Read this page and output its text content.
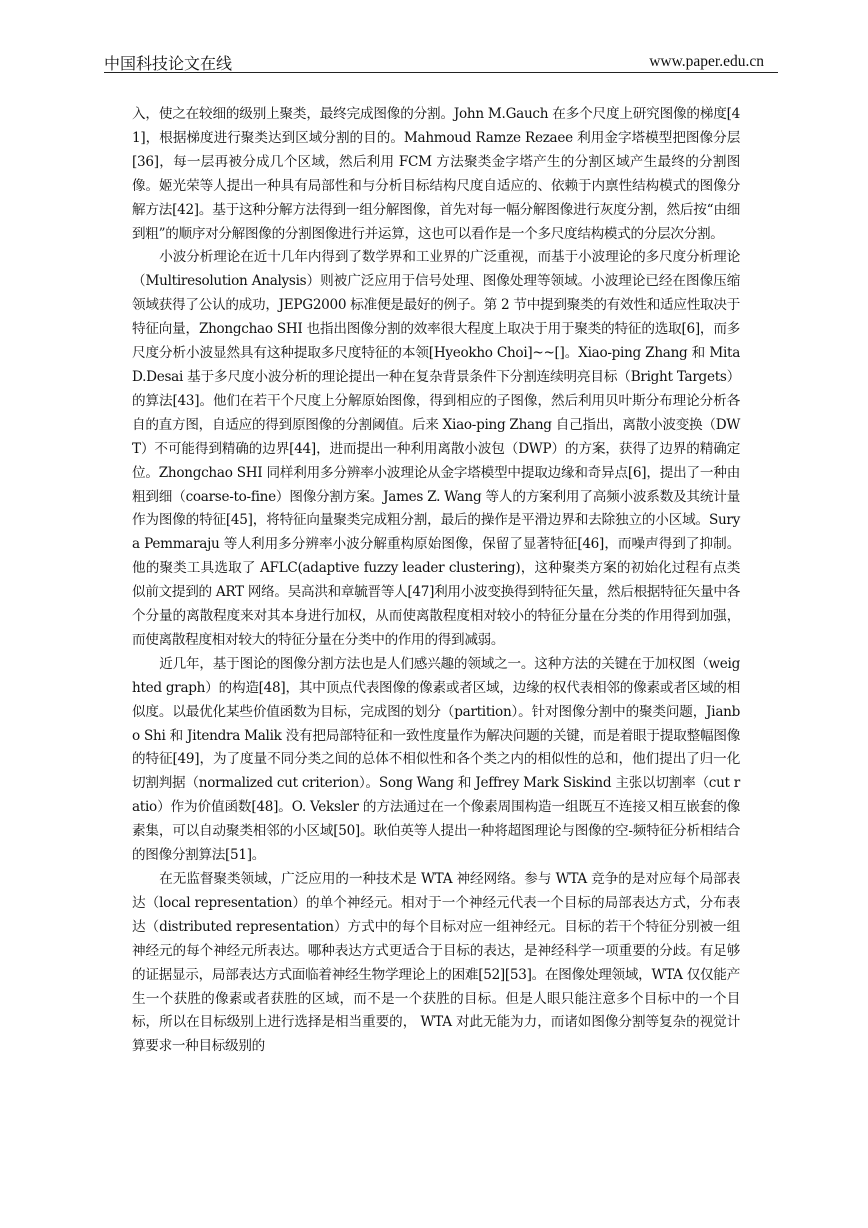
中国科技论文在线	www.paper.edu.cn

入，使之在较细的级别上聚类，最终完成图像的分割。John M.Gauch 在多个尺度上研究图像的梯度[41]，根据梯度进行聚类达到区域分割的目的。Mahmoud Ramze Rezaee 利用金字塔模型把图像分层[36]，每一层再被分成几个区域，然后利用 FCM 方法聚类金字塔产生的分割区域产生最终的分割图像。姬光荣等人提出一种具有局部性和与分析目标结构尺度自适应的、依赖于内禀性结构模式的图像分解方法[42]。基于这种分解方法得到一组分解图像，首先对每一幅分解图像进行灰度分割，然后按“由细到粗”的顺序对分解图像的分割图像进行并运算，这也可以看作是一个多尺度结构模式的分层次分割。

小波分析理论在近十几年内得到了数学界和工业界的广泛重视，而基于小波理论的多尺度分析理论（Multiresolution Analysis）则被广泛应用于信号处理、图像处理等领域。小波理论已经在图像压缩领域获得了公认的成功，JEPG2000 标准便是最好的例子。第 2 节中提到聚类的有效性和适应性取决于特征向量，Zhongchao SHI 也指出图像分割的效率很大程度上取决于用于聚类的特征的选取[6]，而多尺度分析小波显然具有这种提取多尺度特征的本领[Hyeokho Choi]~~[]。Xiao-ping Zhang 和 Mita D.Desai 基于多尺度小波分析的理论提出一种在复杂背景条件下分割连续明亮目标（Bright Targets）的算法[43]。他们在若干个尺度上分解原始图像，得到相应的子图像，然后利用贝叶斯分布理论分析各自的直方图，自适应的得到原图像的分割阈值。后来 Xiao-ping Zhang 自己指出，离散小波变换（DWT）不可能得到精确的边界[44]，进而提出一种利用离散小波包（DWP）的方案，获得了边界的精确定位。Zhongchao SHI 同样利用多分辨率小波理论从金字塔模型中提取边缘和奇异点[6]，提出了一种由粗到细（coarse-to-fine）图像分割方案。James Z. Wang 等人的方案利用了高频小波系数及其统计量作为图像的特征[45]，将特征向量聚类完成粗分割，最后的操作是平滑边界和去除独立的小区域。Surya Pemmaraju 等人利用多分辨率小波分解重构原始图像，保留了显著特征[46]，而噪声得到了抑制。他的聚类工具选取了 AFLC(adaptive fuzzy leader clustering)，这种聚类方案的初始化过程有点类似前文提到的 ART 网络。吴高洪和章毓晋等人[47]利用小波变换得到特征矢量，然后根据特征矢量中各个分量的离散程度来对其本身进行加权，从而使离散程度相对较小的特征分量在分类的作用得到加强，而使离散程度相对较大的特征分量在分类中的作用的得到减弱。

近几年，基于图论的图像分割方法也是人们感兴趣的领域之一。这种方法的关键在于加权图（weighted graph）的构造[48]，其中顶点代表图像的像素或者区域，边缘的权代表相邻的像素或者区域的相似度。以最优化某些价值函数为目标，完成图的划分（partition）。针对图像分割中的聚类问题，Jianbo Shi 和 Jitendra Malik 没有把局部特征和一致性度量作为解决问题的关键，而是着眼于提取整幅图像的特征[49]，为了度量不同分类之间的总体不相似性和各个类之内的相似性的总和，他们提出了归一化切割判据（normalized cut criterion）。Song Wang 和 Jeffrey Mark Siskind 主张以切割率（cut ratio）作为价值函数[48]。O. Veksler 的方法通过在一个像素周围构造一组既互不连接又相互嵌套的像素集，可以自动聚类相邻的小区域[50]。耿伯英等人提出一种将超图理论与图像的空-频特征分析相结合的图像分割算法[51]。

在无监督聚类领域，广泛应用的一种技术是 WTA 神经网络。参与 WTA 竞争的是对应每个局部表达（local representation）的单个神经元。相对于一个神经元代表一个目标的局部表达方式，分布表达（distributed representation）方式中的每个目标对应一组神经元。目标的若干个特征分别被一组神经元的每个神经元所表达。哪种表达方式更适合于目标的表达，是神经科学一项重要的分歧。有足够的证据显示，局部表达方式面临着神经生物学理论上的困难[52][53]。在图像处理领域，WTA 仅仅能产生一个获胜的像素或者获胜的区域，而不是一个获胜的目标。但是人眼只能注意多个目标中的一个目标，所以在目标级别上进行选择是相当重要的， WTA 对此无能为力，而诸如图像分割等复杂的视觉计算要求一种目标级别的
